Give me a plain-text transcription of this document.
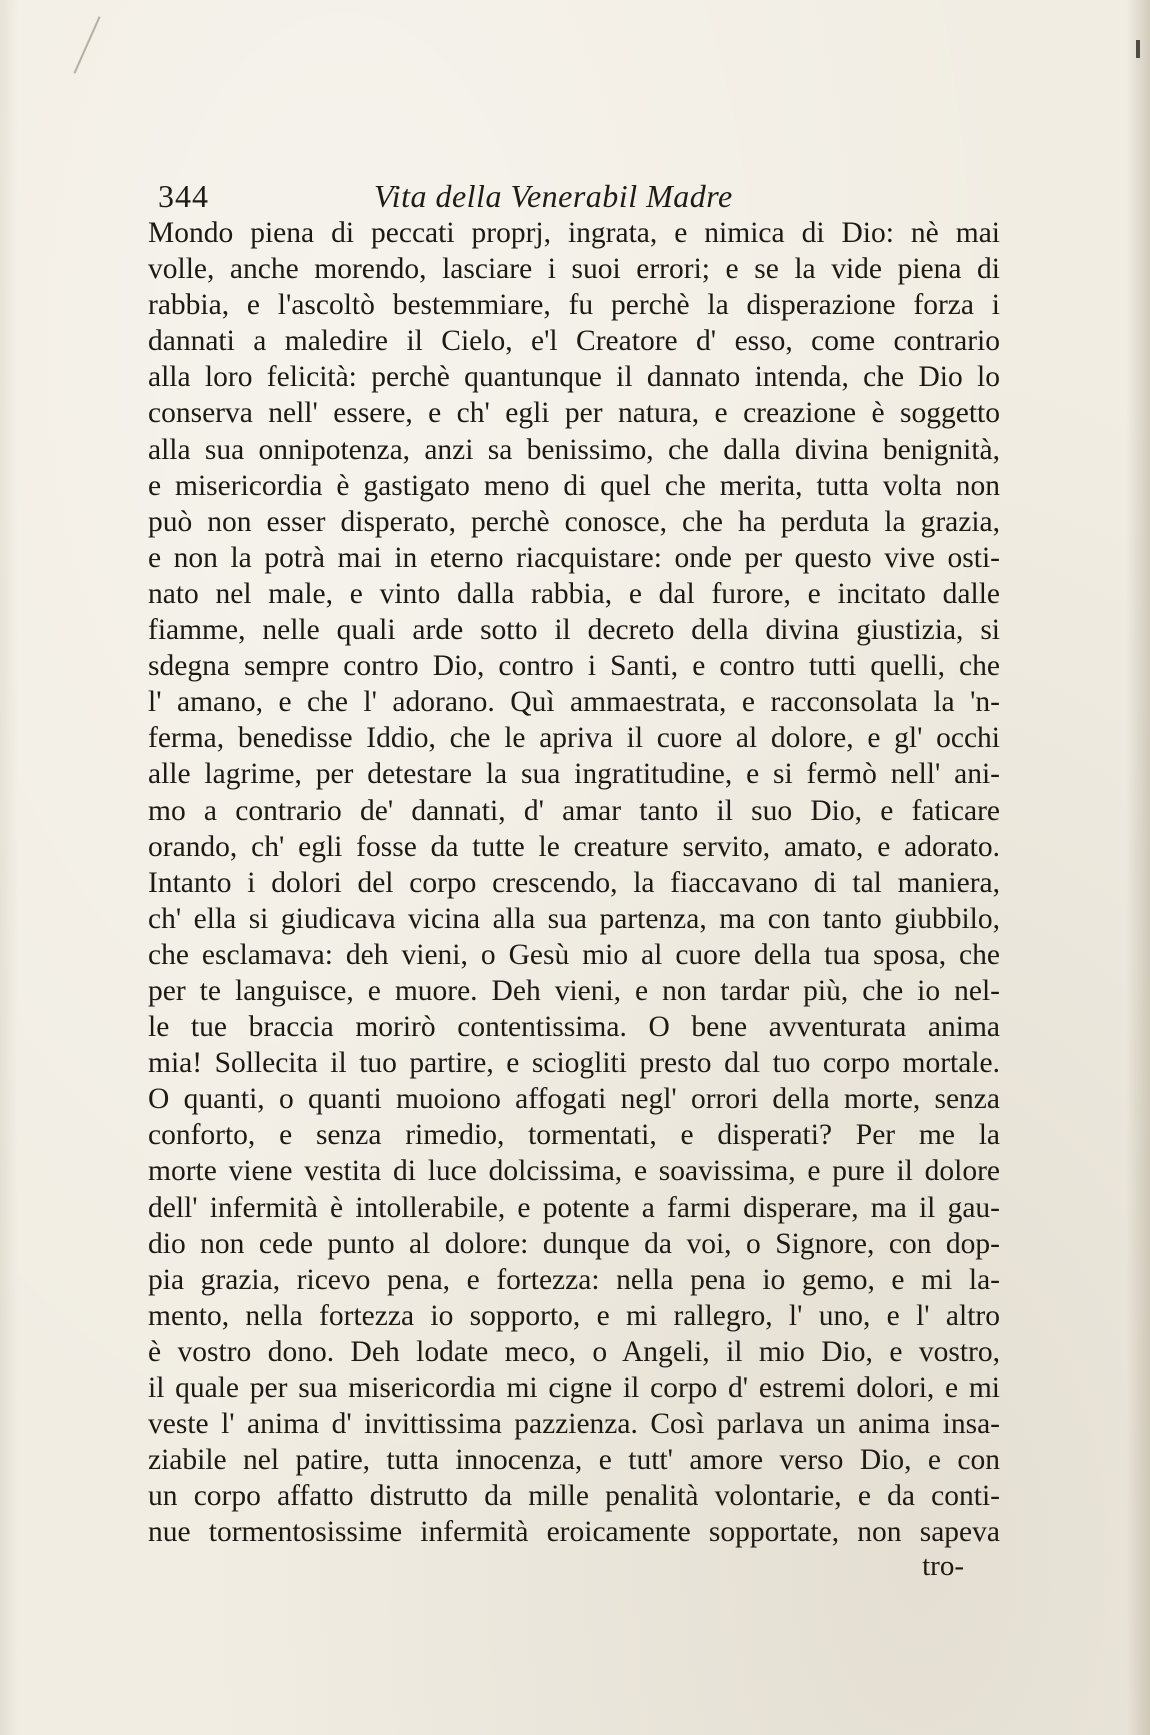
344	Vita della Venerabil Madre
Mondo piena di peccati proprj, ingrata, e nimica di Dio: nè mai
volle, anche morendo, lasciare i suoi errori; e se la vide piena di
rabbia, e l'ascoltò bestemmiare, fu perchè la disperazione forza i
dannati a maledire il Cielo, e'l Creatore d' esso, come contrario
alla loro felicità: perchè quantunque il dannato intenda, che Dio lo
conserva nell' essere, e ch' egli per natura, e creazione è soggetto
alla sua onnipotenza, anzi sa benissimo, che dalla divina benignità,
e misericordia è gastigato meno di quel che merita, tutta volta non
può non esser disperato, perchè conosce, che ha perduta la grazia,
e non la potrà mai in eterno riacquistare: onde per questo vive osti-
nato nel male, e vinto dalla rabbia, e dal furore, e incitato dalle
fiamme, nelle quali arde sotto il decreto della divina giustizia, si
sdegna sempre contro Dio, contro i Santi, e contro tutti quelli, che
l' amano, e che l' adorano. Quì ammaestrata, e racconsolata la 'n-
ferma, benedisse Iddio, che le apriva il cuore al dolore, e gl' occhi
alle lagrime, per detestare la sua ingratitudine, e si fermò nell' ani-
mo a contrario de' dannati, d' amar tanto il suo Dio, e faticare
orando, ch' egli fosse da tutte le creature servito, amato, e adorato.
Intanto i dolori del corpo crescendo, la fiaccavano di tal maniera,
ch' ella si giudicava vicina alla sua partenza, ma con tanto giubbilo,
che esclamava: deh vieni, o Gesù mio al cuore della tua sposa, che
per te languisce, e muore. Deh vieni, e non tardar più, che io nel-
le tue braccia morirò contentissima. O bene avventurata anima
mia! Sollecita il tuo partire, e sciogliti presto dal tuo corpo mortale.
O quanti, o quanti muoiono affogati negl' orrori della morte, senza
conforto, e senza rimedio, tormentati, e disperati? Per me la
morte viene vestita di luce dolcissima, e soavissima, e pure il dolore
dell' infermità è intollerabile, e potente a farmi disperare, ma il gau-
dio non cede punto al dolore: dunque da voi, o Signore, con dop-
pia grazia, ricevo pena, e fortezza: nella pena io gemo, e mi la-
mento, nella fortezza io sopporto, e mi rallegro, l' uno, e l' altro
è vostro dono. Deh lodate meco, o Angeli, il mio Dio, e vostro,
il quale per sua misericordia mi cigne il corpo d' estremi dolori, e mi
veste l' anima d' invittissima pazzienza. Così parlava un anima insa-
ziabile nel patire, tutta innocenza, e tutt' amore verso Dio, e con
un corpo affatto distrutto da mille penalità volontarie, e da conti-
nue tormentosissime infermità eroicamente sopportate, non sapeva
tro-
